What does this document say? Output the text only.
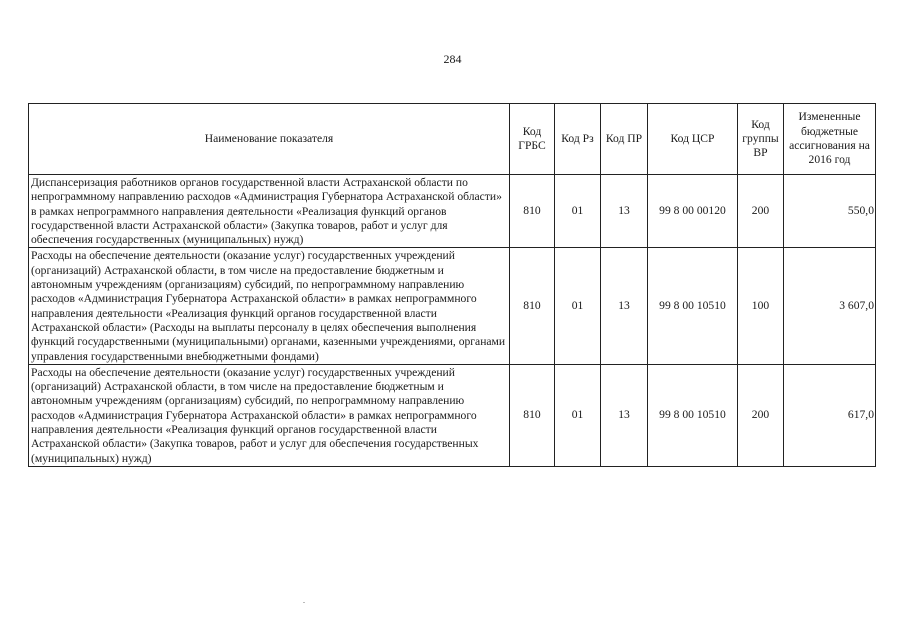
284
Наименование показателя	Код ГРБС	Код Рз	Код ПР	Код ЦСР	Код группы ВР	Измененные бюджетные ассигнования на 2016 год
Диспансеризация работников органов государственной власти Астраханской области по непрограммному направлению расходов «Администрация Губернатора Астраханской области» в рамках непрограммного направления деятельности «Реализация функций органов государственной власти Астраханской области» (Закупка товаров, работ и услуг для обеспечения государственных (муниципальных) нужд)	810	01	13	99 8 00 00120	200	550,0
Расходы на обеспечение деятельности (оказание услуг) государственных учреждений (организаций) Астраханской области, в том числе на предоставление бюджетным и автономным учреждениям (организациям) субсидий, по непрограммному направлению расходов «Администрация Губернатора Астраханской области» в рамках непрограммного направления деятельности «Реализация функций органов государственной власти Астраханской области» (Расходы на выплаты персоналу в целях обеспечения выполнения функций государственными (муниципальными) органами, казенными учреждениями, органами управления государственными внебюджетными фондами)	810	01	13	99 8 00 10510	100	3 607,0
Расходы на обеспечение деятельности (оказание услуг) государственных учреждений (организаций) Астраханской области, в том числе на предоставление бюджетным и автономным учреждениям (организациям) субсидий, по непрограммному направлению расходов «Администрация Губернатора Астраханской области» в рамках непрограммного направления деятельности «Реализация функций органов государственной власти Астраханской области» (Закупка товаров, работ и услуг для обеспечения государственных (муниципальных) нужд)	810	01	13	99 8 00 10510	200	617,0
